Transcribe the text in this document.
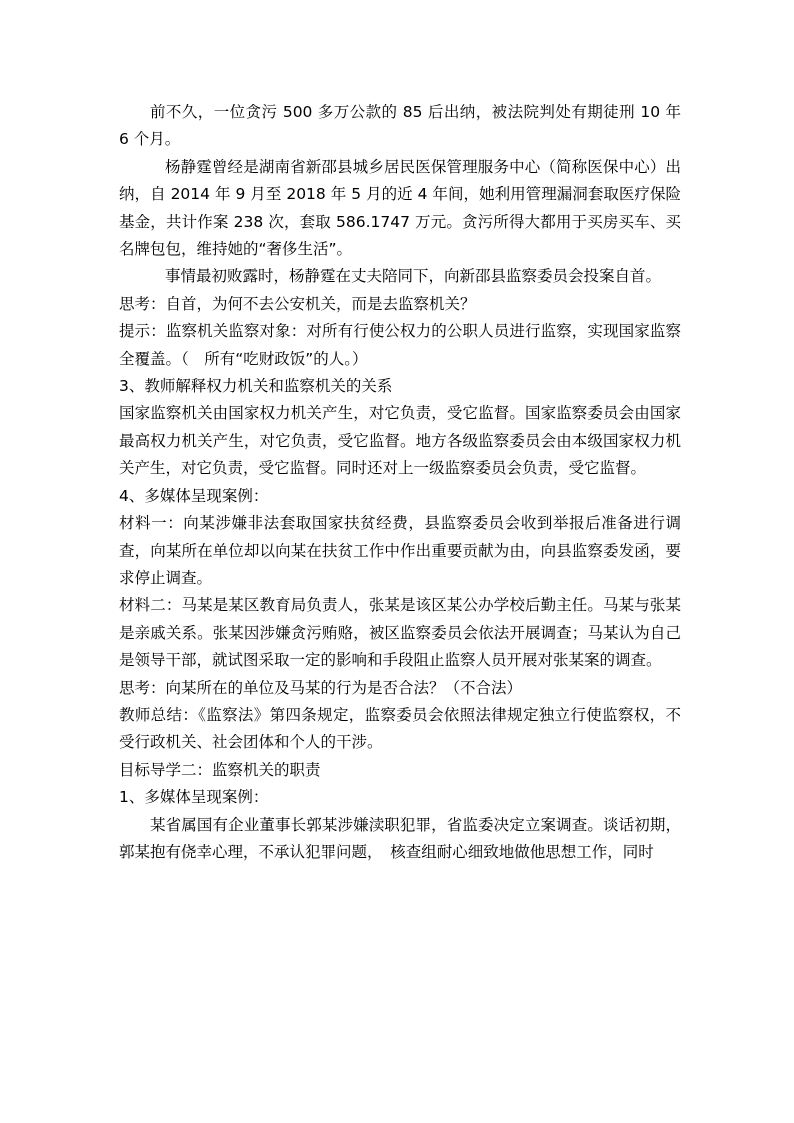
前不久，一位贪污 500 多万公款的 85 后出纳，被法院判处有期徒刑 10 年 6 个月。

杨静霆曾经是湖南省新邵县城乡居民医保管理服务中心（简称医保中心）出纳，自 2014 年 9 月至 2018 年 5 月的近 4 年间，她利用管理漏洞套取医疗保险基金，共计作案 238 次，套取 586.1747 万元。贪污所得大都用于买房买车、买名牌包包，维持她的“奢侈生活”。

事情最初败露时，杨静霆在丈夫陪同下，向新邵县监察委员会投案自首。

思考：自首，为何不去公安机关，而是去监察机关？

提示：监察机关监察对象：对所有行使公权力的公职人员进行监察，实现国家监察全覆盖。（　所有“吃财政饭”的人。）

3、教师解释权力机关和监察机关的关系

国家监察机关由国家权力机关产生，对它负责，受它监督。国家监察委员会由国家最高权力机关产生，对它负责，受它监督。地方各级监察委员会由本级国家权力机关产生，对它负责，受它监督。同时还对上一级监察委员会负责，受它监督。

4、多媒体呈现案例：

材料一：向某涉嫌非法套取国家扶贫经费，县监察委员会收到举报后准备进行调查，向某所在单位却以向某在扶贫工作中作出重要贡献为由，向县监察委发函，要求停止调查。

材料二：马某是某区教育局负责人，张某是该区某公办学校后勤主任。马某与张某是亲戚关系。张某因涉嫌贪污贿赂，被区监察委员会依法开展调查；马某认为自己是领导干部，就试图采取一定的影响和手段阻止监察人员开展对张某案的调查。

思考：向某所在的单位及马某的行为是否合法？（不合法）

教师总结：《监察法》第四条规定，监察委员会依照法律规定独立行使监察权，不受行政机关、社会团体和个人的干涉。

目标导学二：监察机关的职责

1、多媒体呈现案例：

某省属国有企业董事长郭某涉嫌渎职犯罪，省监委决定立案调查。谈话初期，郭某抱有侥幸心理，不承认犯罪问题，　核查组耐心细致地做他思想工作，同时
